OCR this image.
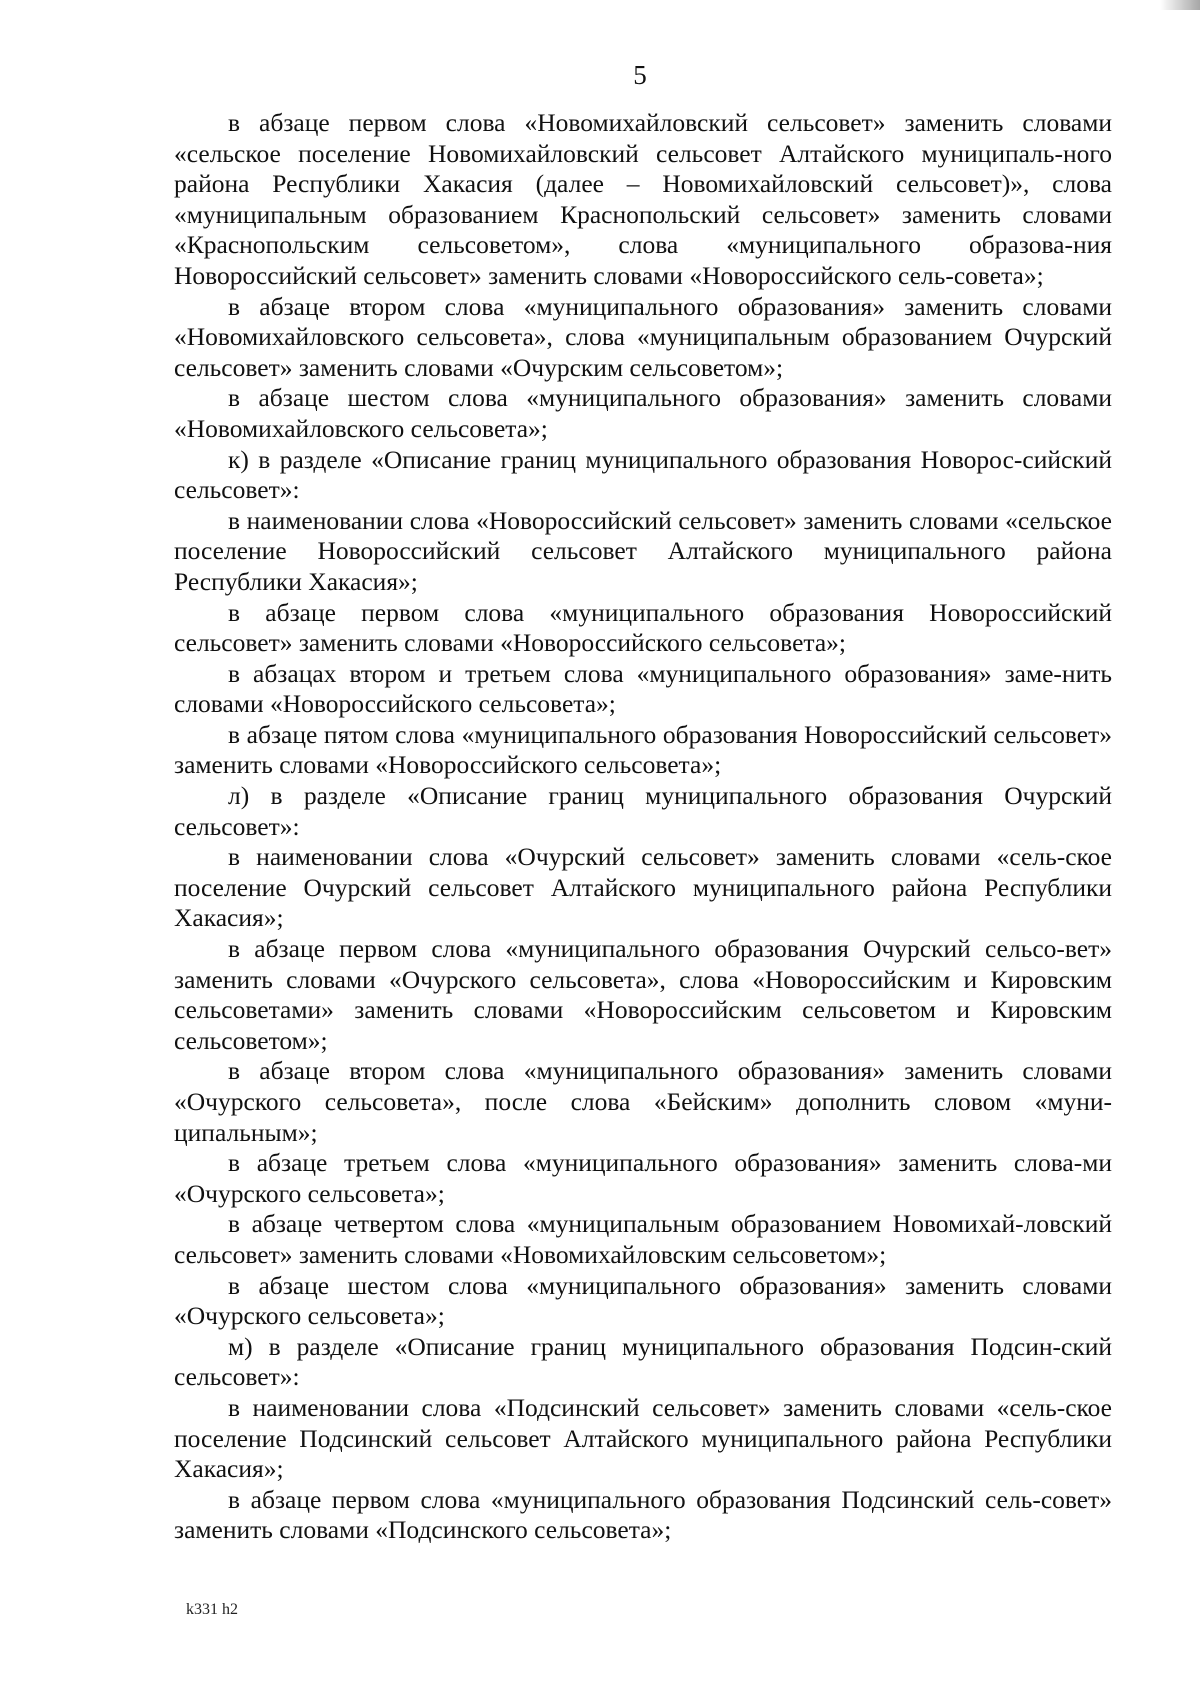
5

в абзаце первом слова «Новомихайловский сельсовет» заменить словами «сельское поселение Новомихайловский сельсовет Алтайского муниципаль-ного района Республики Хакасия (далее – Новомихайловский сельсовет)», слова «муниципальным образованием Краснопольский сельсовет» заменить словами «Краснопольским сельсоветом», слова «муниципального образова-ния Новороссийский сельсовет» заменить словами «Новороссийского сель-совета»;

в абзаце втором слова «муниципального образования» заменить словами «Новомихайловского сельсовета», слова «муниципальным образованием Очурский сельсовет» заменить словами «Очурским сельсоветом»;

в абзаце шестом слова «муниципального образования» заменить словами «Новомихайловского сельсовета»;

к) в разделе «Описание границ муниципального образования Новорос-сийский сельсовет»:

в наименовании слова «Новороссийский сельсовет» заменить словами «сельское поселение Новороссийский сельсовет Алтайского муниципального района Республики Хакасия»;

в абзаце первом слова «муниципального образования Новороссийский сельсовет» заменить словами «Новороссийского сельсовета»;

в абзацах втором и третьем слова «муниципального образования» заме-нить словами «Новороссийского сельсовета»;

в абзаце пятом слова «муниципального образования Новороссийский сельсовет» заменить словами «Новороссийского сельсовета»;

л) в разделе «Описание границ муниципального образования Очурский сельсовет»:

в наименовании слова «Очурский сельсовет» заменить словами «сель-ское поселение Очурский сельсовет Алтайского муниципального района Республики Хакасия»;

в абзаце первом слова «муниципального образования Очурский сельсо-вет» заменить словами «Очурского сельсовета», слова «Новороссийским и Кировским сельсоветами» заменить словами «Новороссийским сельсоветом и Кировским сельсоветом»;

в абзаце втором слова «муниципального образования» заменить словами «Очурского сельсовета», после слова «Бейским» дополнить словом «муни-ципальным»;

в абзаце третьем слова «муниципального образования» заменить слова-ми «Очурского сельсовета»;

в абзаце четвертом слова «муниципальным образованием Новомихай-ловский сельсовет» заменить словами «Новомихайловским сельсоветом»;

в абзаце шестом слова «муниципального образования» заменить словами «Очурского сельсовета»;

м) в разделе «Описание границ муниципального образования Подсин-ский сельсовет»:

в наименовании слова «Подсинский сельсовет» заменить словами «сель-ское поселение Подсинский сельсовет Алтайского муниципального района Республики Хакасия»;

в абзаце первом слова «муниципального образования Подсинский сель-совет» заменить словами «Подсинского сельсовета»;

k331 h2
